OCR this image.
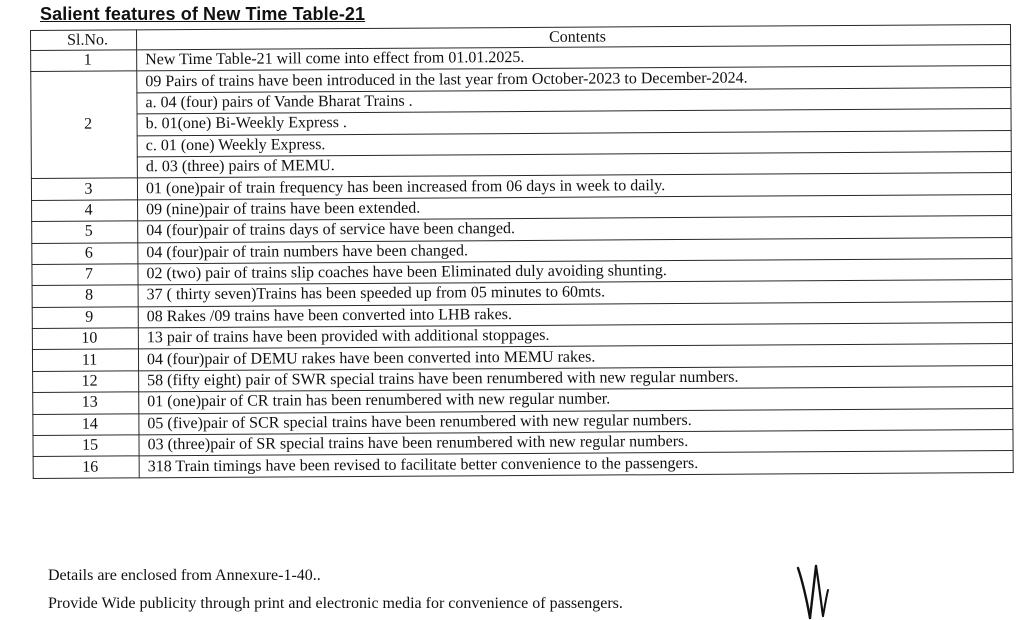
Salient features of New Time Table-21
Sl.No.	Contents
1	New Time Table-21 will come into effect from 01.01.2025.
2	09 Pairs of trains have been introduced in the last year from October-2023 to December-2024.
	a. 04 (four) pairs of Vande Bharat Trains .
	b. 01(one) Bi-Weekly Express .
	c. 01 (one) Weekly Express.
	d. 03 (three) pairs of MEMU.
3	01 (one)pair of train frequency has been increased from 06 days in week to daily.
4	09 (nine)pair of trains have been extended.
5	04 (four)pair of trains days of service have been changed.
6	04 (four)pair of train numbers have been changed.
7	02 (two) pair of trains slip coaches have been Eliminated duly avoiding shunting.
8	37 ( thirty seven)Trains has been speeded up from 05 minutes to 60mts.
9	08 Rakes /09 trains have been converted into LHB rakes.
10	13 pair of trains have been provided with additional stoppages.
11	04 (four)pair of DEMU rakes have been converted into MEMU rakes.
12	58 (fifty eight) pair of SWR special trains have been renumbered with new regular numbers.
13	01 (one)pair of CR train has been renumbered with new regular number.
14	05 (five)pair of SCR special trains have been renumbered with new regular numbers.
15	03 (three)pair of SR special trains have been renumbered with new regular numbers.
16	318 Train timings have been revised to facilitate better convenience to the passengers.
Details are enclosed from Annexure-1-40..
Provide Wide publicity through print and electronic media for convenience of passengers.
